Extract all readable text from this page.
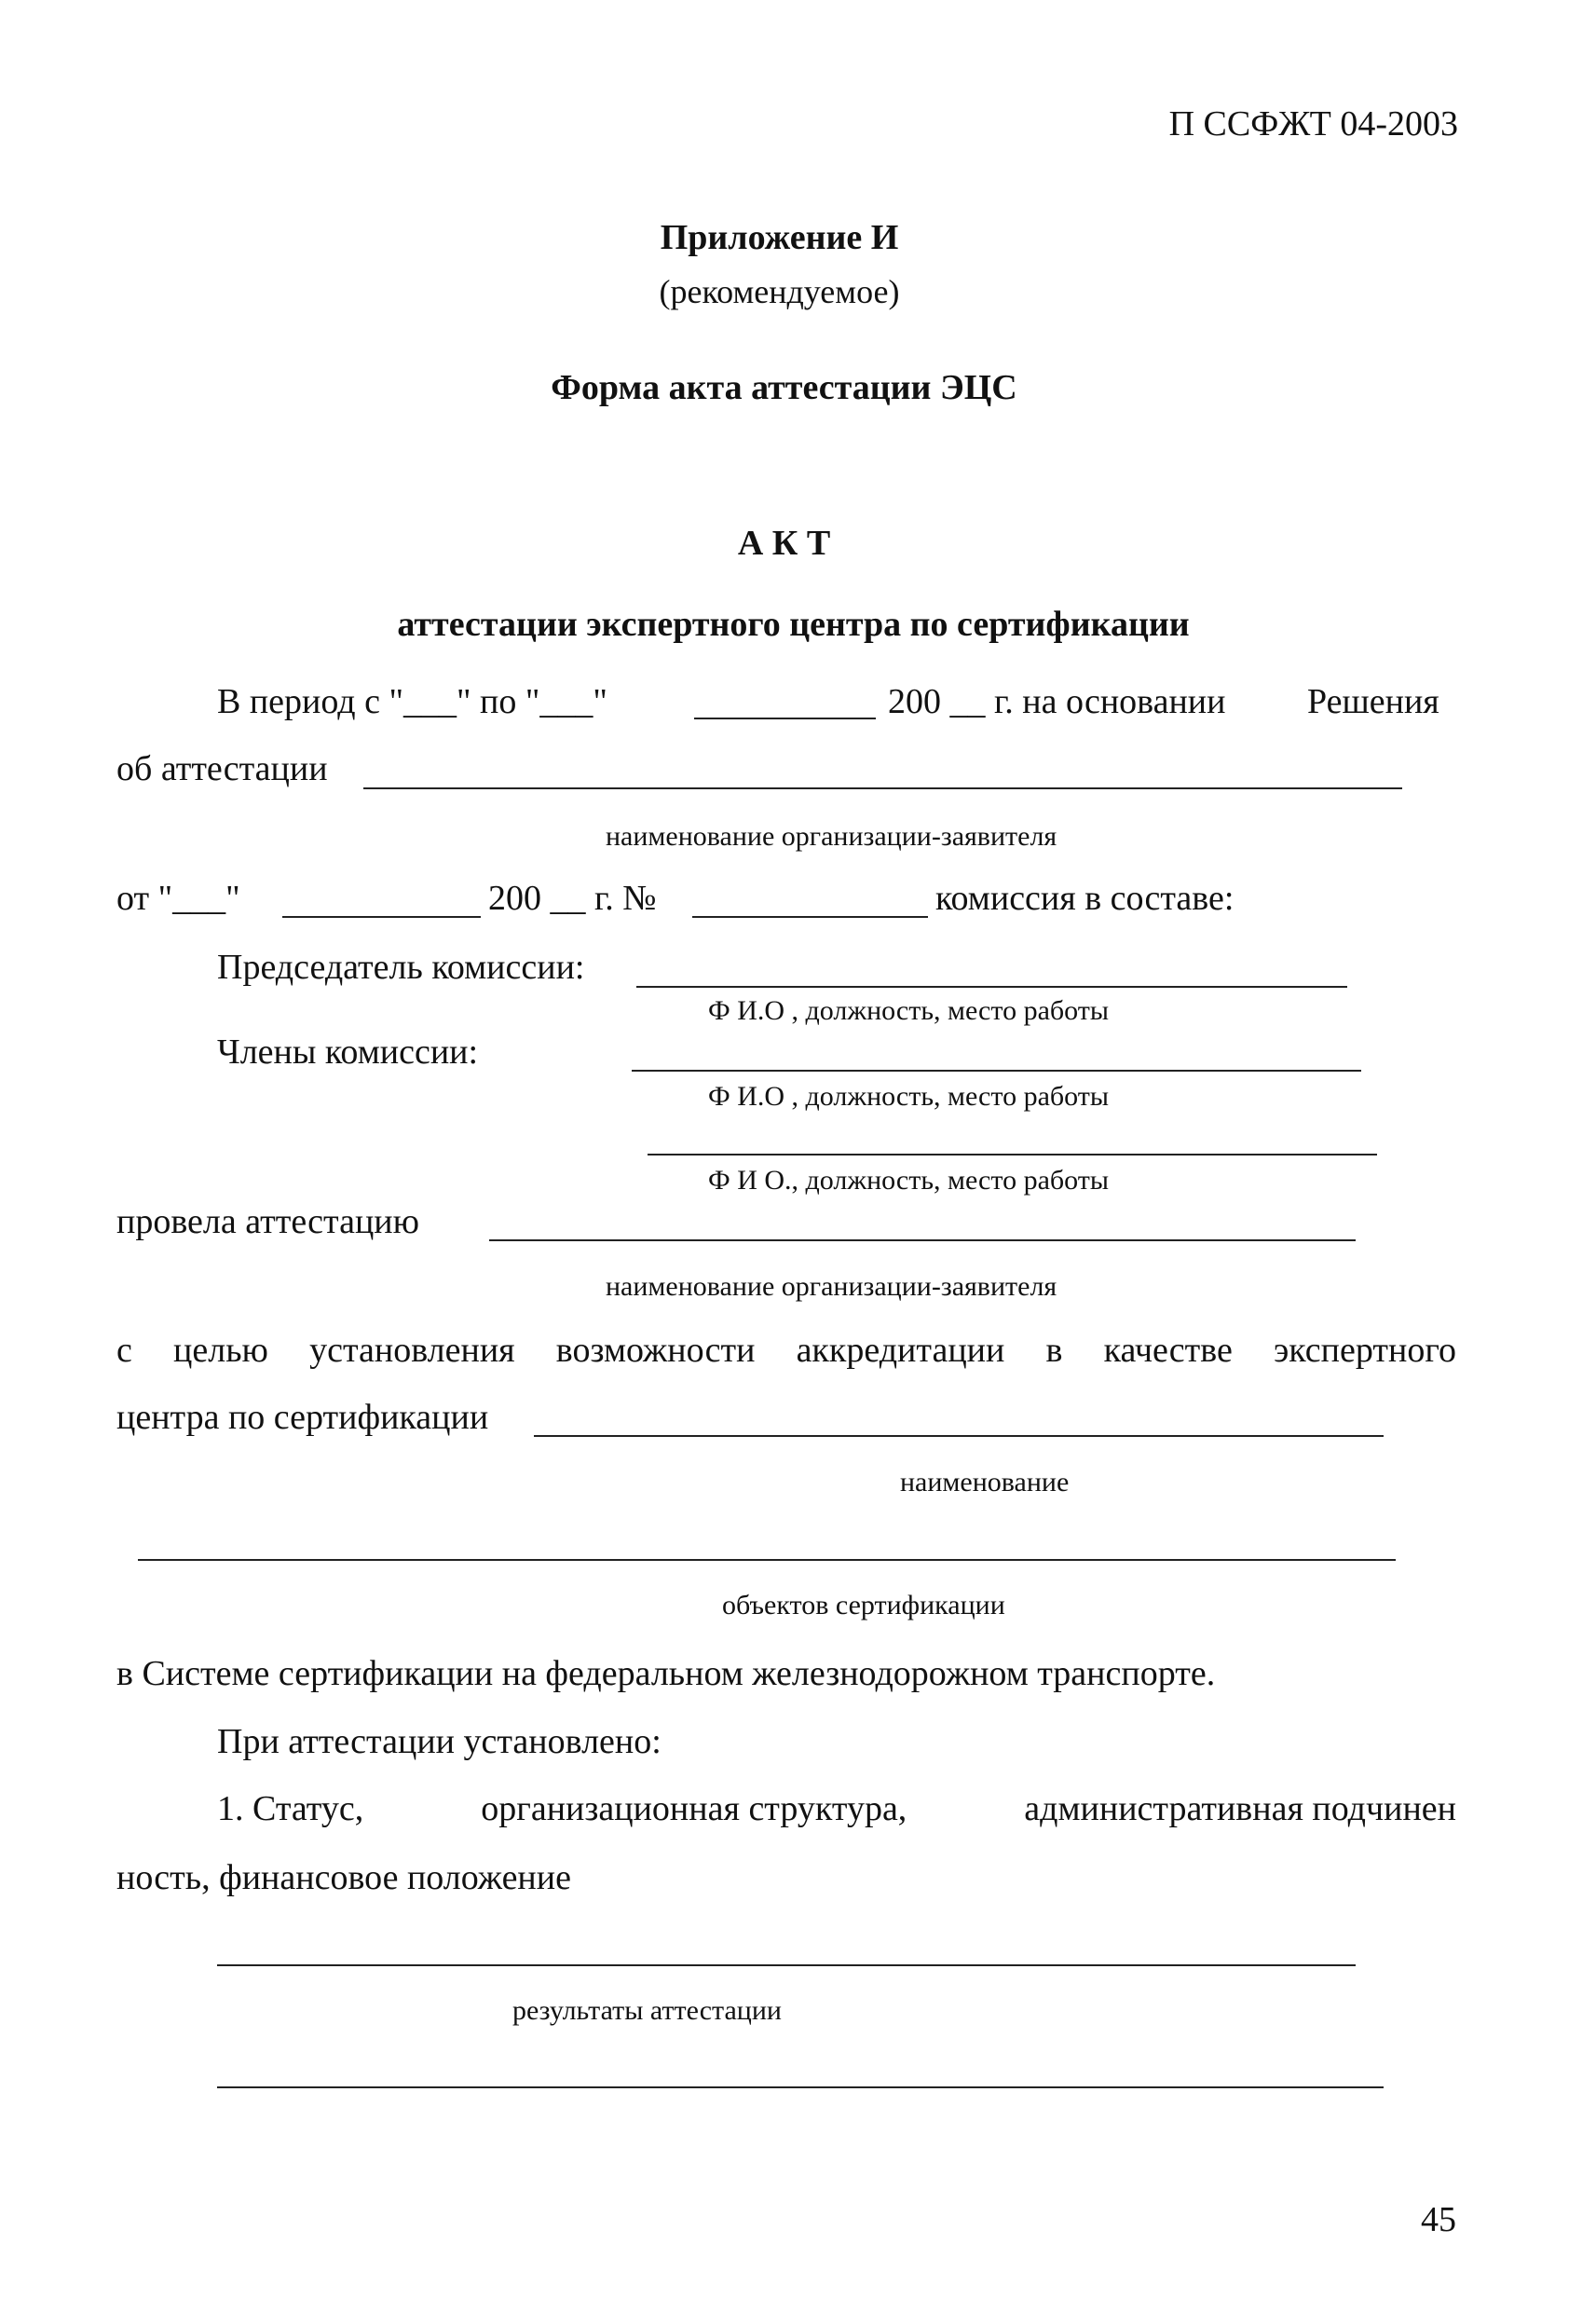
П ССФЖТ 04-2003
Приложение И
(рекомендуемое)
Форма акта аттестации ЭЦС
А К Т
аттестации экспертного центра по сертификации
В период с "___" по "___"	200 __ г. на основании Решения
об аттестации
наименование организации-заявителя
от "___"	200 __ г. №	комиссия в составе:
Председатель комиссии:
Ф И.О , должность, место работы
Члены комиссии:
Ф И.О , должность, место работы
Ф И О., должность, место работы
провела аттестацию
наименование организации-заявителя
с целью установления возможности аккредитации в качестве экспертного
центра по сертификации
наименование
объектов сертификации
в Системе сертификации на федеральном железнодорожном транспорте.
При аттестации установлено:
1. Статус,	организационная структура,	административная подчинен
ность, финансовое положение
результаты аттестации
45
